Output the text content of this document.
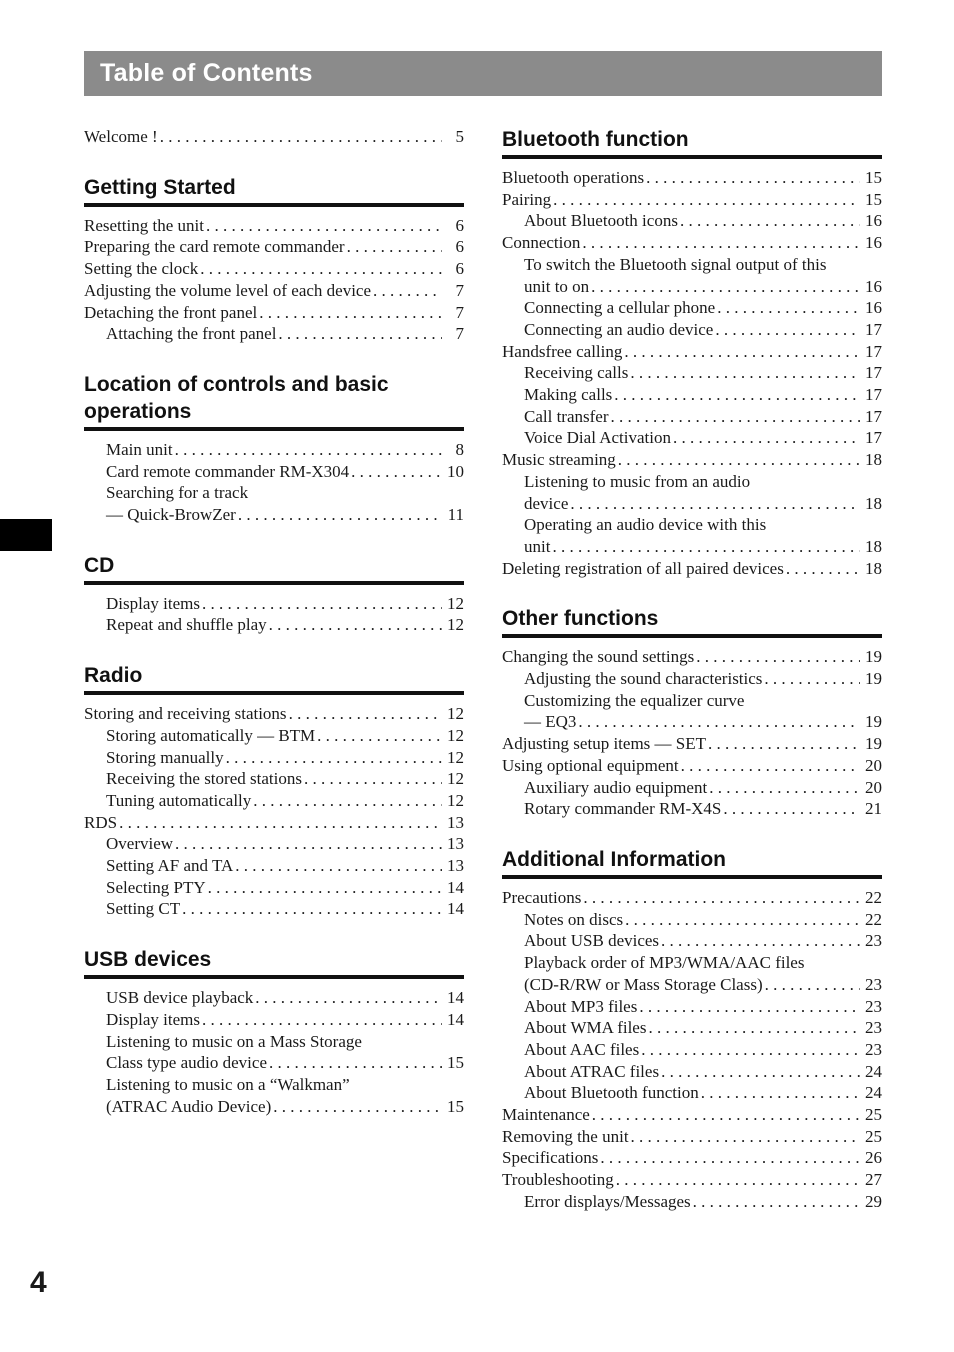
Table of Contents
Welcome ! . . .	5
Getting Started
Resetting the unit . . .	6
Preparing the card remote commander . . .	6
Setting the clock . . .	6
Adjusting the volume level of each device . . .	7
Detaching the front panel . . .	7
Attaching the front panel . . .	7
Location of controls and basic operations
Main unit . . .	8
Card remote commander RM-X304 . . .	10
Searching for a track
— Quick-BrowZer . . .	11
CD
Display items . . .	12
Repeat and shuffle play . . .	12
Radio
Storing and receiving stations . . .	12
Storing automatically — BTM . . .	12
Storing manually . . .	12
Receiving the stored stations . . .	12
Tuning automatically . . .	12
RDS . . .	13
Overview . . .	13
Setting AF and TA . . .	13
Selecting PTY . . .	14
Setting CT . . .	14
USB devices
USB device playback . . .	14
Display items . . .	14
Listening to music on a Mass Storage
Class type audio device . . .	15
Listening to music on a “Walkman”
(ATRAC Audio Device) . . .	15
Bluetooth function
Bluetooth operations . . .	15
Pairing . . .	15
About Bluetooth icons . . .	16
Connection . . .	16
To switch the Bluetooth signal output of this
unit to on . . .	16
Connecting a cellular phone . . .	16
Connecting an audio device . . .	17
Handsfree calling . . .	17
Receiving calls . . .	17
Making calls . . .	17
Call transfer . . .	17
Voice Dial Activation . . .	17
Music streaming . . .	18
Listening to music from an audio
device . . .	18
Operating an audio device with this
unit . . .	18
Deleting registration of all paired devices . . .	18
Other functions
Changing the sound settings . . .	19
Adjusting the sound characteristics . . .	19
Customizing the equalizer curve
— EQ3 . . .	19
Adjusting setup items — SET . . .	19
Using optional equipment . . .	20
Auxiliary audio equipment . . .	20
Rotary commander RM-X4S . . .	21
Additional Information
Precautions . . .	22
Notes on discs . . .	22
About USB devices . . .	23
Playback order of MP3/WMA/AAC files
(CD-R/RW or Mass Storage Class) . . .	23
About MP3 files . . .	23
About WMA files . . .	23
About AAC files . . .	23
About ATRAC files . . .	24
About Bluetooth function . . .	24
Maintenance . . .	25
Removing the unit . . .	25
Specifications . . .	26
Troubleshooting . . .	27
Error displays/Messages . . .	29
4
